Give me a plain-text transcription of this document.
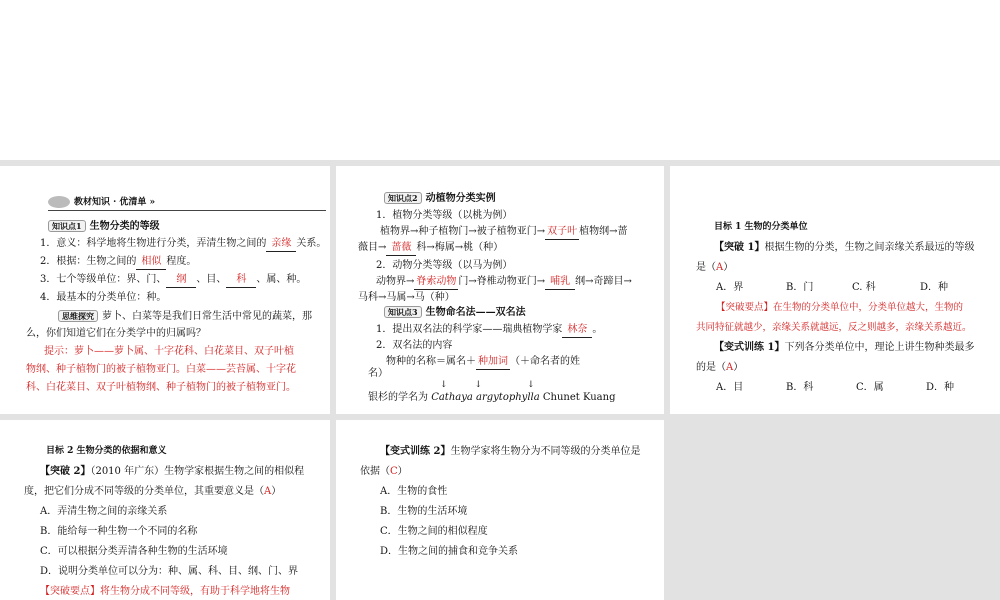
教材知识 · 优清单 »
知识点1 生物分类的等级
1．意义：科学地将生物进行分类，弄清生物之间的 亲缘 关系。
2．根据：生物之间的 相似 程度。
3．七个等级单位：界、门、 纲 、目、 科 、属、种。
4．最基本的分类单位：种。
思维探究 萝卜、白菜等是我们日常生活中常见的蔬菜，那
么，你们知道它们在分类学中的归属吗？
提示：萝卜——萝卜属、十字花科、白花菜目、双子叶植
物纲、种子植物门的被子植物亚门。白菜——芸苔属、十字花
科、白花菜目、双子叶植物纲、种子植物门的被子植物亚门。
知识点2 动植物分类实例
1．植物分类等级（以桃为例）
植物界→种子植物门→被子植物亚门→ 双子叶 植物纲→蔷
薇目→ 蔷薇 科→梅属→桃（种）
2．动物分类等级（以马为例）
动物界→ 脊索动物 门→脊椎动物亚门→ 哺乳 纲→奇蹄目→
马科→马属→马（种）
知识点3 生物命名法——双名法
1．提出双名法的科学家——瑞典植物学家 林奈 。
2．双名法的内容
物种的名称＝属名＋ 种加词 （＋命名者的姓
名）
↓　　　↓　　　　　↓
银杉的学名为 Cathaya argytophylla Chunet Kuang
目标 1 生物的分类单位
【突破 1】根据生物的分类，生物之间亲缘关系最远的等级
是（A）
A．界	B．门	C. 科	D．种
【突破要点】在生物的分类单位中，分类单位越大，生物的
共同特征就越少，亲缘关系就越远，反之则越多，亲缘关系越近。
【变式训练 1】下列各分类单位中，理论上讲生物种类最多
的是（A）
A．目	B．科	C．属	D．种
目标 2 生物分类的依据和意义
【突破 2】（2010 年广东）生物学家根据生物之间的相似程
度，把它们分成不同等级的分类单位，其重要意义是（A）
A．弄清生物之间的亲缘关系
B．能给每一种生物一个不同的名称
C．可以根据分类弄清各种生物的生活环境
D．说明分类单位可以分为：种、属、科、目、纲、门、界
【突破要点】将生物分成不同等级，有助于科学地将生物
【变式训练 2】生物学家将生物分为不同等级的分类单位是
依据（C）
A．生物的食性
B．生物的生活环境
C．生物之间的相似程度
D．生物之间的捕食和竞争关系
